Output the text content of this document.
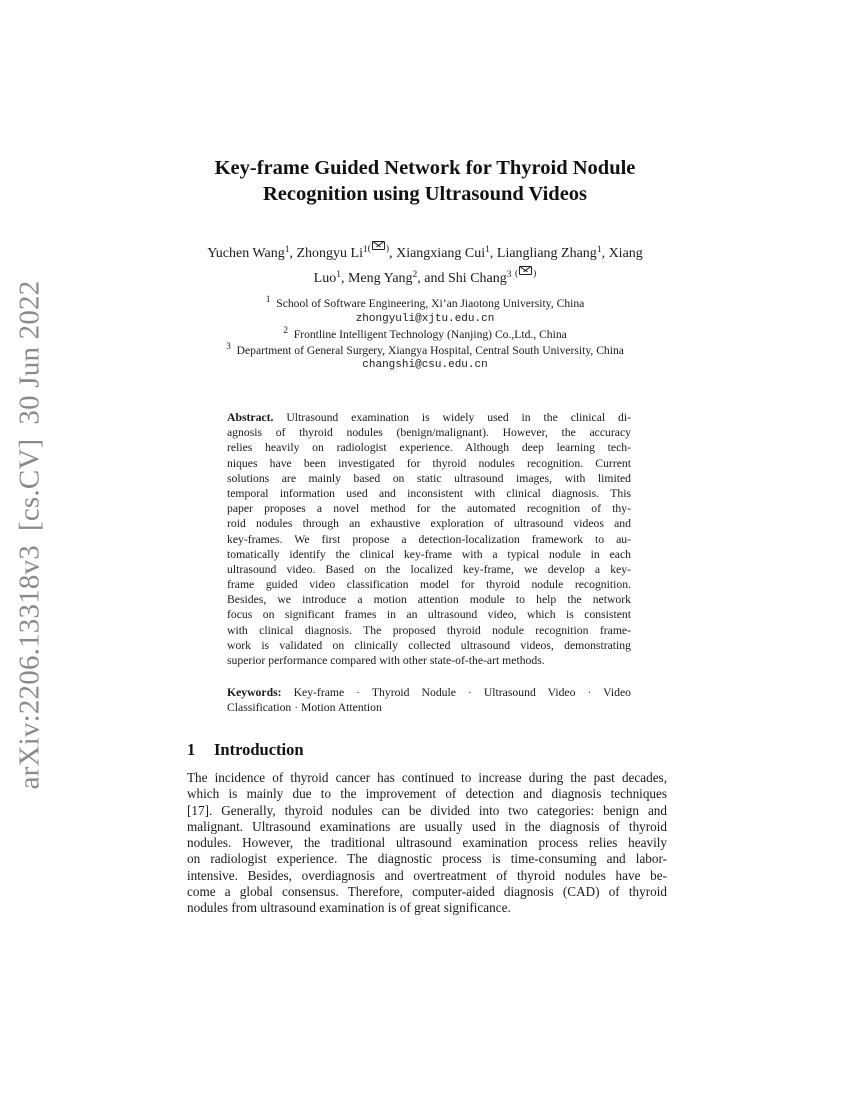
arXiv:2206.13318v3[cs.CV]30 Jun 2022
Key-frame Guided Network for Thyroid Nodule
Recognition using Ultrasound Videos
Yuchen Wang$^1$, Zhongyu $Li^{1(}$ ), Xiangxiang Cui$^1$, Liangliang Zhang$^1$, Xiang
Luo$^1$, Meng Yang$^2$, and Shi Chang$^3$ ( )
$^1$ School of Software Engineering, Xi’an Jiaotong University, China
zhongyuli@xjtu.edu.cn
$^2$ Frontline Intelligent Technology (Nanjing) Co.,Ltd., China
$^3$ Department of General Surgery, Xiangya Hospital, Central South University, China
changshi@csu.edu.cn
Abstract. Ultrasound examination is widely used in the clinical di-
agnosis of thyroid nodules (benign/malignant). However, the accuracy
relies heavily on radiologist experience. Although deep learning tech-
niques have been investigated for thyroid nodules recognition. Current
solutions are mainly based on static ultrasound images, with limited
temporal information used and inconsistent with clinical diagnosis. This
paper proposes a novel method for the automated recognition of thy-
roid nodules through an exhaustive exploration of ultrasound videos and
key-frames. We first propose a detection-localization framework to au-
tomatically identify the clinical key-frame with a typical nodule in each
ultrasound video. Based on the localized key-frame, we develop a key-
frame guided video classification model for thyroid nodule recognition.
Besides, we introduce a motion attention module to help the network
focus on significant frames in an ultrasound video, which is consistent
with clinical diagnosis. The proposed thyroid nodule recognition frame-
work is validated on clinically collected ultrasound videos, demonstrating
superior performance compared with other state-of-the-art methods.
Keywords: Key-frame · Thyroid Nodule · Ultrasound Video · Video
Classification · Motion Attention
1 Introduction
The incidence of thyroid cancer has continued to increase during the past decades,
which is mainly due to the improvement of detection and diagnosis techniques
[17]. Generally, thyroid nodules can be divided into two categories: benign and
malignant. Ultrasound examinations are usually used in the diagnosis of thyroid
nodules. However, the traditional ultrasound examination process relies heavily
on radiologist experience. The diagnostic process is time-consuming and labor-
intensive. Besides, overdiagnosis and overtreatment of thyroid nodules have be-
come a global consensus. Therefore, computer-aided diagnosis (CAD) of thyroid
nodules from ultrasound examination is of great significance.
